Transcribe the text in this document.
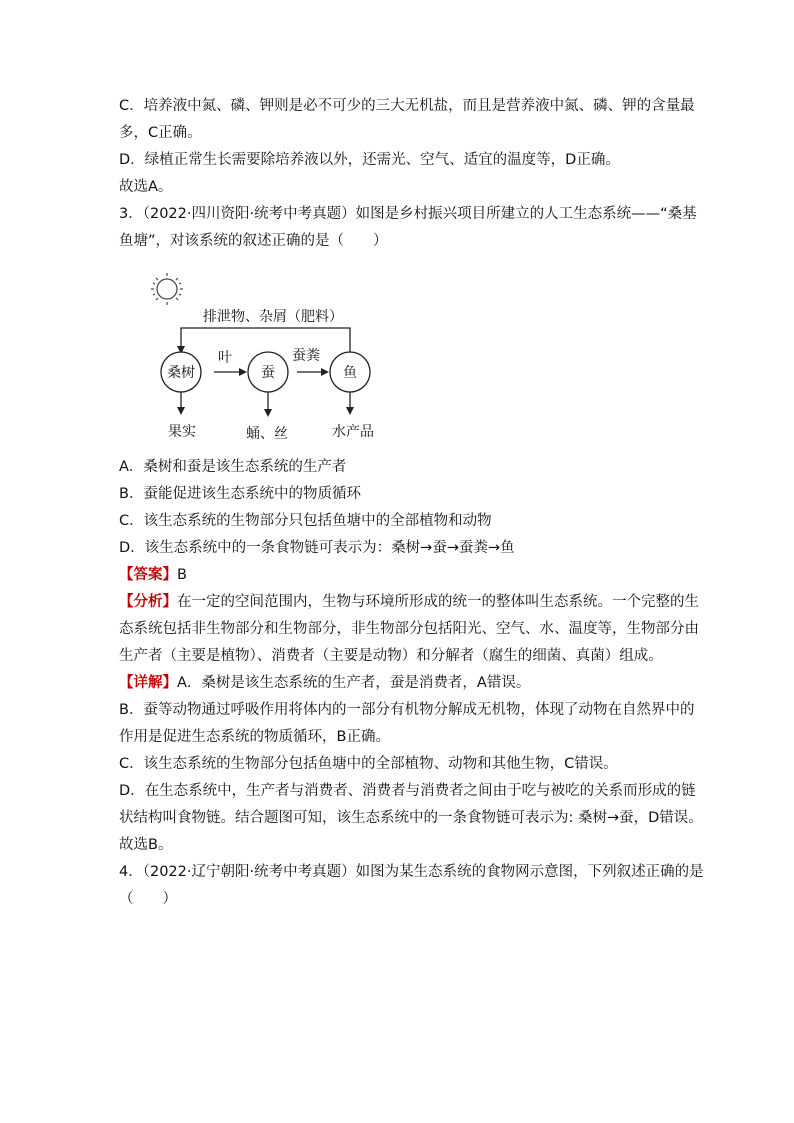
C．培养液中氮、磷、钾则是必不可少的三大无机盐，而且是营养液中氮、磷、钾的含量最
多，C正确。
D．绿植正常生长需要除培养液以外，还需光、空气、适宜的温度等，D正确。
故选A。
3．（2022·四川资阳·统考中考真题）如图是乡村振兴项目所建立的人工生态系统——“桑基
鱼塘”，对该系统的叙述正确的是（　　）
排泄物、杂屑（肥料）
桑树	蚕	鱼
叶	蚕粪
果实	蛹、丝	水产品
A．桑树和蚕是该生态系统的生产者
B．蚕能促进该生态系统中的物质循环
C．该生态系统的生物部分只包括鱼塘中的全部植物和动物
D．该生态系统中的一条食物链可表示为：桑树→蚕→蚕粪→鱼
【答案】B
【分析】在一定的空间范围内，生物与环境所形成的统一的整体叫生态系统。一个完整的生
态系统包括非生物部分和生物部分，非生物部分包括阳光、空气、水、温度等，生物部分由
生产者（主要是植物）、消费者（主要是动物）和分解者（腐生的细菌、真菌）组成。
【详解】A．桑树是该生态系统的生产者，蚕是消费者，A错误。
B．蚕等动物通过呼吸作用将体内的一部分有机物分解成无机物，体现了动物在自然界中的
作用是促进生态系统的物质循环，B正确。
C．该生态系统的生物部分包括鱼塘中的全部植物、动物和其他生物，C错误。
D．在生态系统中，生产者与消费者、消费者与消费者之间由于吃与被吃的关系而形成的链
状结构叫食物链。结合题图可知，该生态系统中的一条食物链可表示为: 桑树→蚕，D错误。
故选B。
4．（2022·辽宁朝阳·统考中考真题）如图为某生态系统的食物网示意图，下列叙述正确的是
（　　）
